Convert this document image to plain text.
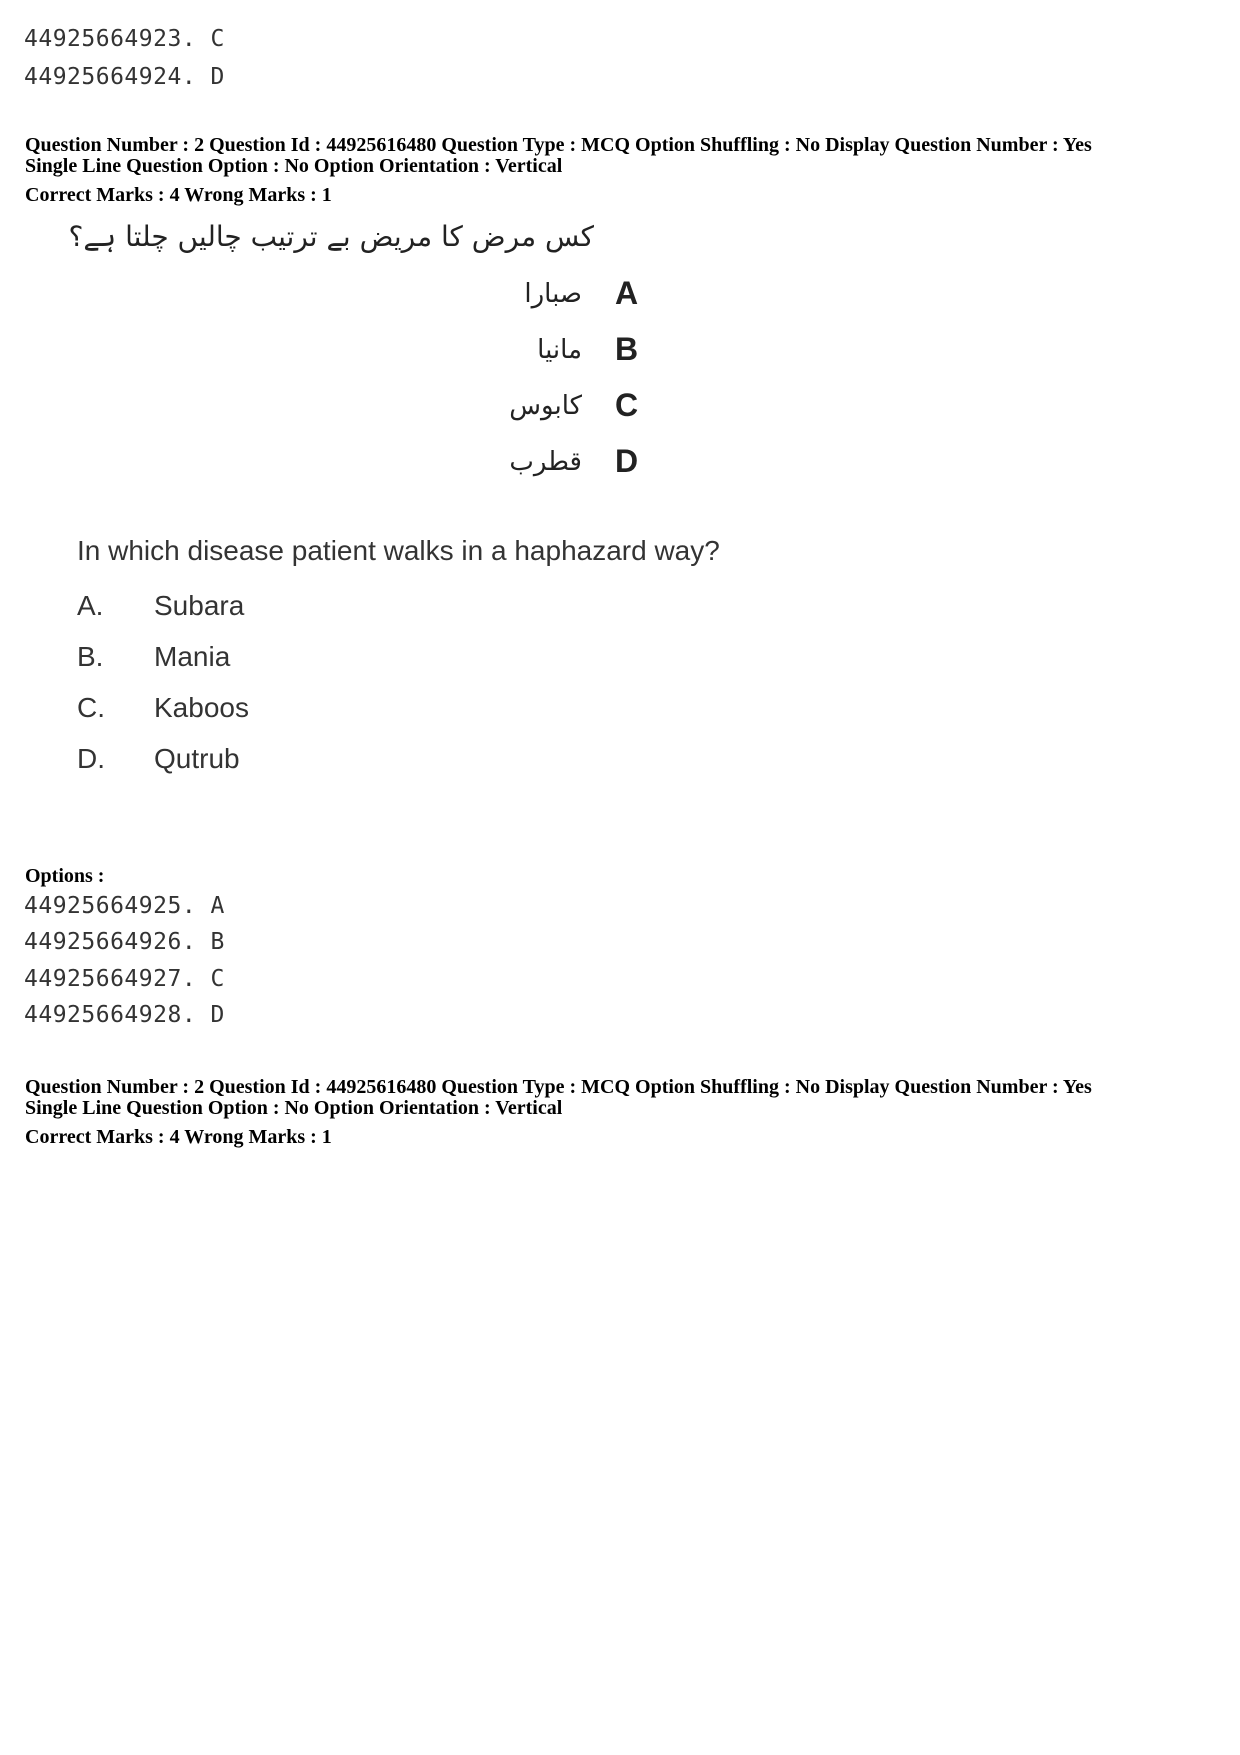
44925664923. C
44925664924. D
Question Number : 2 Question Id : 44925616480 Question Type : MCQ Option Shuffling : No Display Question Number : Yes
Single Line Question Option : No Option Orientation : Vertical
Correct Marks : 4 Wrong Marks : 1
کس مرض کا مریض بے ترتیب چالیں چلتا ہے؟
صبارا A
مانیا B
کابوس C
قطرب D
In which disease patient walks in a haphazard way?
A. Subara
B. Mania
C. Kaboos
D. Qutrub
Options :
44925664925. A
44925664926. B
44925664927. C
44925664928. D
Question Number : 2 Question Id : 44925616480 Question Type : MCQ Option Shuffling : No Display Question Number : Yes
Single Line Question Option : No Option Orientation : Vertical
Correct Marks : 4 Wrong Marks : 1
